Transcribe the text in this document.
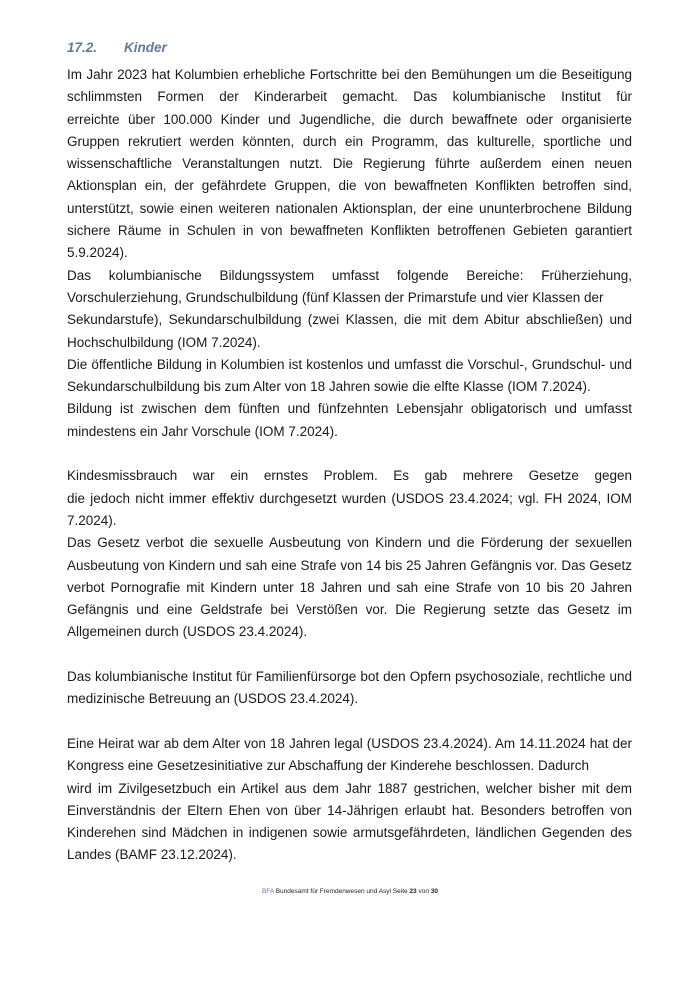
17.2. Kinder
Im Jahr 2023 hat Kolumbien erhebliche Fortschritte bei den Bemühungen um die Beseitigung
schlimmsten Formen der Kinderarbeit gemacht. Das kolumbianische Institut für
erreichte über 100.000 Kinder und Jugendliche, die durch bewaffnete oder organisierte
Gruppen rekrutiert werden könnten, durch ein Programm, das kulturelle, sportliche und
wissenschaftliche Veranstaltungen nutzt. Die Regierung führte außerdem einen neuen
Aktionsplan ein, der gefährdete Gruppen, die von bewaffneten Konflikten betroffen sind,
unterstützt, sowie einen weiteren nationalen Aktionsplan, der eine ununterbrochene Bildung
sichere Räume in Schulen in von bewaffneten Konflikten betroffenen Gebieten garantiert
5.9.2024).
Das kolumbianische Bildungssystem umfasst folgende Bereiche: Früherziehung,
Vorschulerziehung, Grundschulbildung (fünf Klassen der Primarstufe und vier Klassen der
Sekundarstufe), Sekundarschulbildung (zwei Klassen, die mit dem Abitur abschließen) und
Hochschulbildung (IOM 7.2024).
Die öffentliche Bildung in Kolumbien ist kostenlos und umfasst die Vorschul-, Grundschul- und
Sekundarschulbildung bis zum Alter von 18 Jahren sowie die elfte Klasse (IOM 7.2024).
Bildung ist zwischen dem fünften und fünfzehnten Lebensjahr obligatorisch und umfasst
mindestens ein Jahr Vorschule (IOM 7.2024).
Kindesmissbrauch war ein ernstes Problem. Es gab mehrere Gesetze gegen
die jedoch nicht immer effektiv durchgesetzt wurden (USDOS 23.4.2024; vgl. FH 2024, IOM
7.2024).
Das Gesetz verbot die sexuelle Ausbeutung von Kindern und die Förderung der sexuellen
Ausbeutung von Kindern und sah eine Strafe von 14 bis 25 Jahren Gefängnis vor. Das Gesetz
verbot Pornografie mit Kindern unter 18 Jahren und sah eine Strafe von 10 bis 20 Jahren
Gefängnis und eine Geldstrafe bei Verstößen vor. Die Regierung setzte das Gesetz im
Allgemeinen durch (USDOS 23.4.2024).
Das kolumbianische Institut für Familienfürsorge bot den Opfern psychosoziale, rechtliche und
medizinische Betreuung an (USDOS 23.4.2024).
Eine Heirat war ab dem Alter von 18 Jahren legal (USDOS 23.4.2024). Am 14.11.2024 hat der
Kongress eine Gesetzesinitiative zur Abschaffung der Kinderehe beschlossen. Dadurch
wird im Zivilgesetzbuch ein Artikel aus dem Jahr 1887 gestrichen, welcher bisher mit dem
Einverständnis der Eltern Ehen von über 14-Jährigen erlaubt hat. Besonders betroffen von
Kinderehen sind Mädchen in indigenen sowie armutsgefährdeten, ländlichen Gegenden des
Landes (BAMF 23.12.2024).
BFA Bundesamt für Fremdenwesen und Asyl Seite 23 von 30
